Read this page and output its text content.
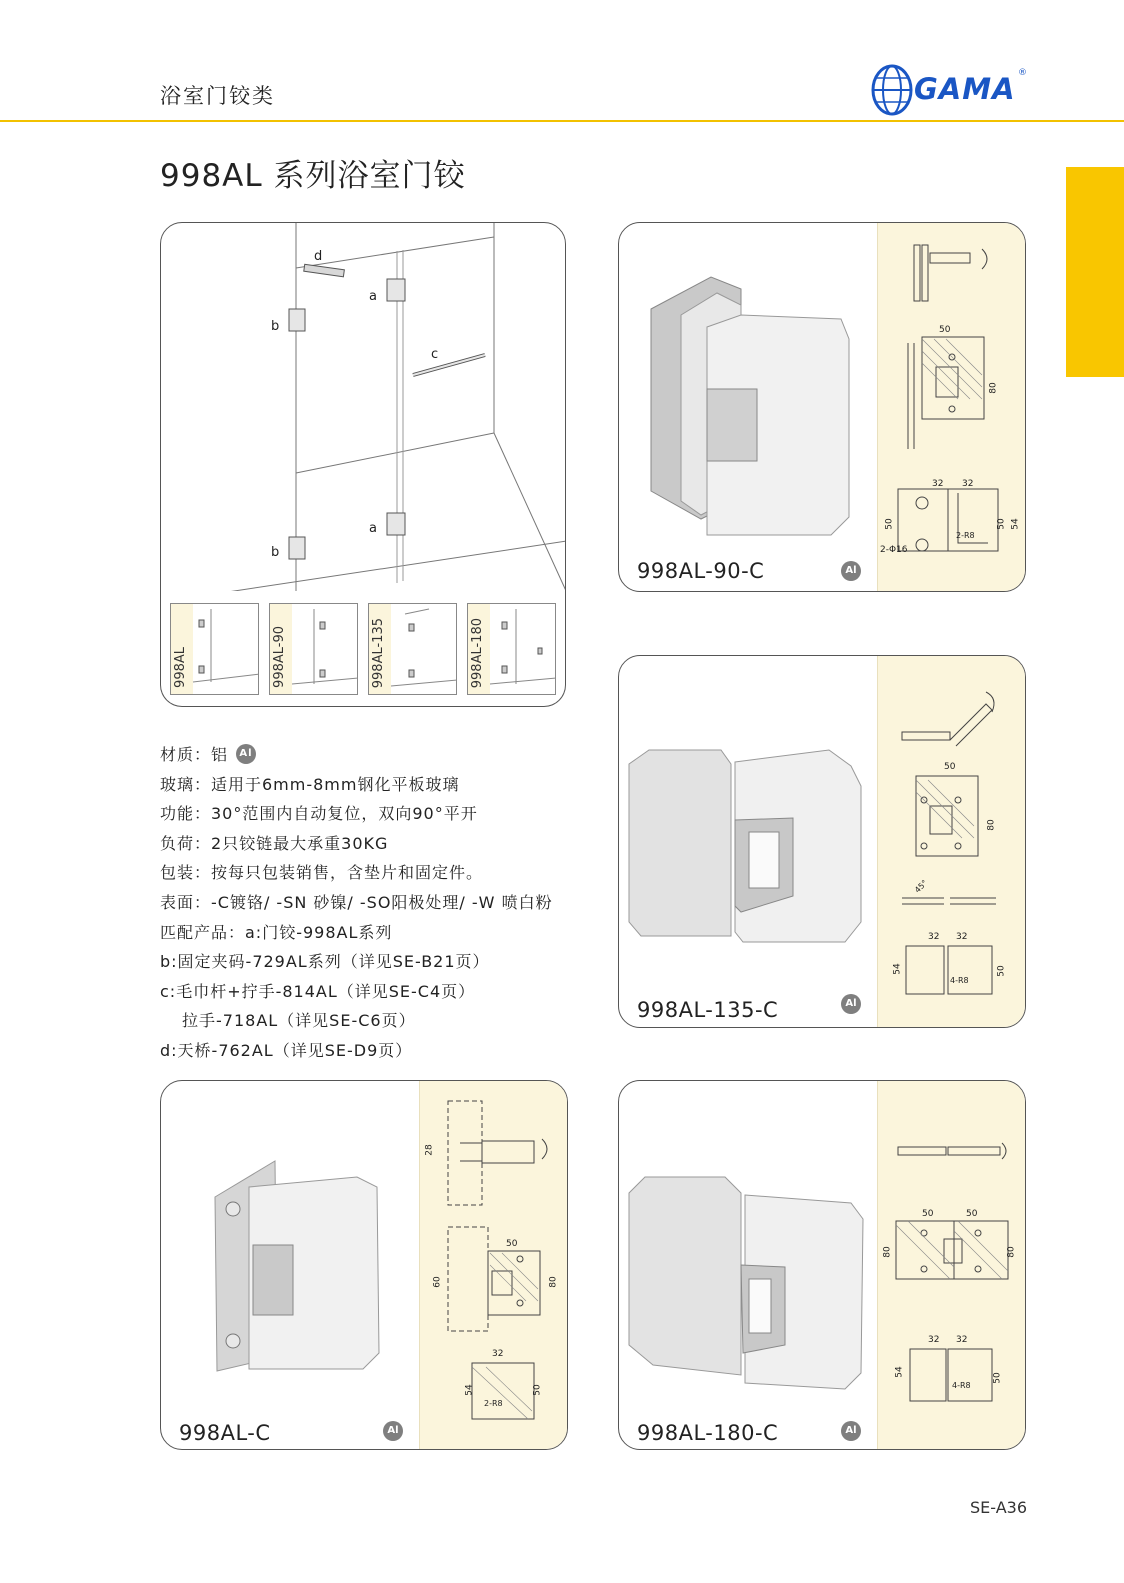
浴室门铰类	GAMA ®
998AL 系列浴室门铰
d
a
b
c
a
b
998AL	998AL-90	998AL-135	998AL-180
材质：铝 Al
玻璃：适用于6mm-8mm钢化平板玻璃
功能：30°范围内自动复位，双向90°平开
负荷：2只铰链最大承重30KG
包装：按每只包装销售，含垫片和固定件。
表面：-C镀铬/ -SN 砂镍/ -SO阳极处理/ -W 喷白粉
匹配产品：a:门铰-998AL系列
b:固定夹码-729AL系列（详见SE-B21页）
c:毛巾杆+拧手-814AL（详见SE-C4页）
拉手-718AL（详见SE-C6页）
d:天桥-762AL（详见SE-D9页）
50
80
32 32
50	50 54
2-Φ16
2-R8
998AL-90-C	Al
50
80
45°
32 32
54	50
4-R8
998AL-135-C	Al
28
50
80
60
32
54	50
2-R8
998AL-C	Al
50	50
80	80
32 32
54
50
4-R8
998AL-180-C	Al
SE-A36
